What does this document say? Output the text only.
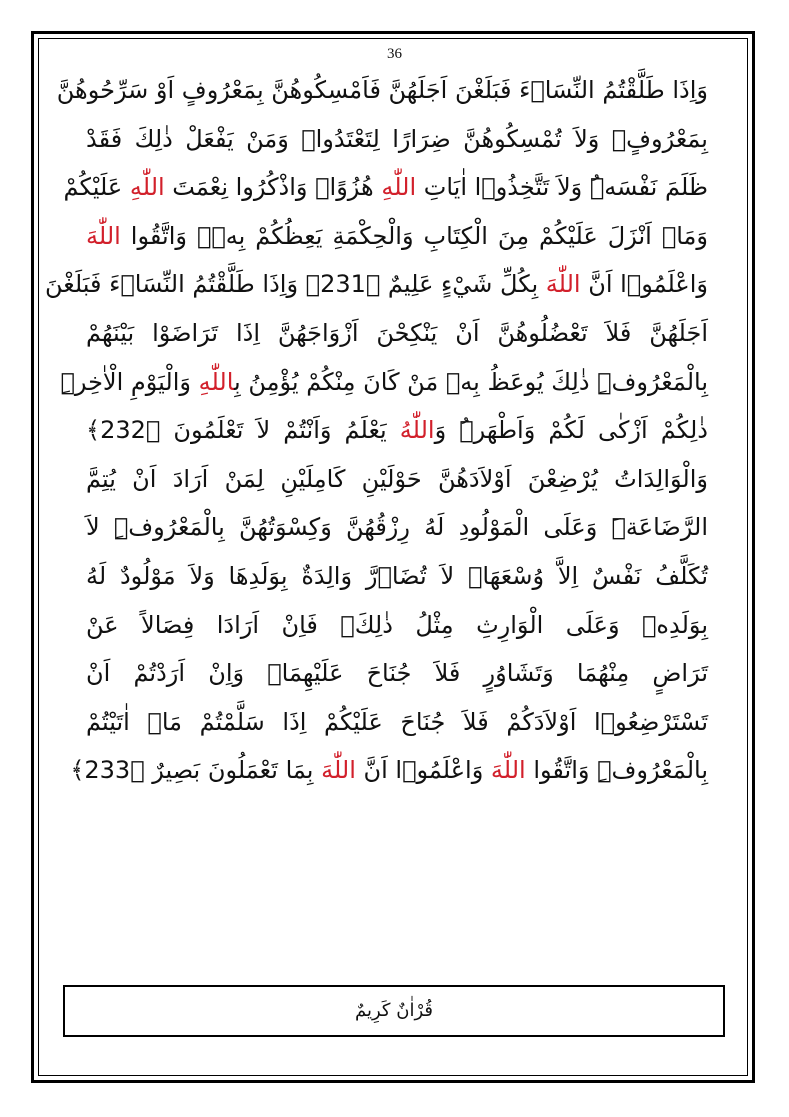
36
وَاِذَا طَلَّقْتُمُ النِّسَاۤءَ فَبَلَغْنَ اَجَلَهُنَّ فَاَمْسِكُوهُنَّ بِمَعْرُوفٍ اَوْ سَرِّحُوهُنَّ
بِمَعْرُوفٍۖ وَلاَ تُمْسِكُوهُنَّ ضِرَارًا لِتَعْتَدُواۚ وَمَنْ يَفْعَلْ ذٰلِكَ فَقَدْ
ظَلَمَ نَفْسَهُۜ وَلاَ تَتَّخِذُوۤا اٰيَاتِ اللّٰهِ هُزُوًاۘ وَاذْكُرُوا نِعْمَتَ اللّٰهِ عَلَيْكُمْ
وَمَاۤ اَنْزَلَ عَلَيْكُمْ مِنَ الْكِتَابِ وَالْحِكْمَةِ يَعِظُكُمْ بِهٖۜ وَاتَّقُوا اللّٰه
وَاعْلَمُوۤا اَنَّ اللّٰهَ بِكُلِّ شَيْءٍ عَلِيمٌ ﴿231﴾ وَاِذَا طَلَّقْتُمُ النِّسَاۤءَ فَبَلَغْنَ
اَجَلَهُنَّ فَلاَ تَعْضُلُوهُنَّ اَنْ يَنْكِحْنَ اَزْوَاجَهُنَّ اِذَا تَرَاضَوْا بَيْنَهُمْ
بِالْمَعْرُوفِۜ ذٰلِكَ يُوعَظُ بِهٖ مَنْ كَانَ مِنْكُمْ يُؤْمِنُ بِاللّٰهِ وَالْيَوْمِ الْاٰخِرِۜ
ذٰلِكُمْ اَزْكٰى لَكُمْ وَاَطْهَرُۜ وَاللّٰهُ يَعْلَمُ وَاَنْتُمْ لاَ تَعْلَمُونَ ﴿232﴾
وَالْوَالِدَاتُ يُرْضِعْنَ اَوْلاَدَهُنَّ حَوْلَيْنِ كَامِلَيْنِ لِمَنْ اَرَادَ اَنْ يُتِمَّ
الرَّضَاعَةَۜ وَعَلَى الْمَوْلُودِ لَهُ رِزْقُهُنَّ وَكِسْوَتُهُنَّ بِالْمَعْرُوفِۜ لاَ
تُكَلَّفُ نَفْسٌ اِلاَّ وُسْعَهَاۚ لاَ تُضَاۤرَّ وَالِدَةٌ بِوَلَدِهَا وَلاَ مَوْلُودٌ لَهُ
بِوَلَدِهٖ وَعَلَى الْوَارِثِ مِثْلُ ذٰلِكَۚ فَاِنْ اَرَادَا فِصَالاً عَنْ
تَرَاضٍ مِنْهُمَا وَتَشَاوُرٍ فَلاَ جُنَاحَ عَلَيْهِمَاۜ وَاِنْ اَرَدْتُمْ اَنْ
تَسْتَرْضِعُوۤا اَوْلاَدَكُمْ فَلاَ جُنَاحَ عَلَيْكُمْ اِذَا سَلَّمْتُمْ مَاۤ اٰتَيْتُمْ
بِالْمَعْرُوفِۜ وَاتَّقُوا اللّٰهَ وَاعْلَمُوۤا اَنَّ اللّٰهَ بِمَا تَعْمَلُونَ بَصِيرٌ ﴿233﴾
قُرْاٰنٌ كَرِيمٌ
